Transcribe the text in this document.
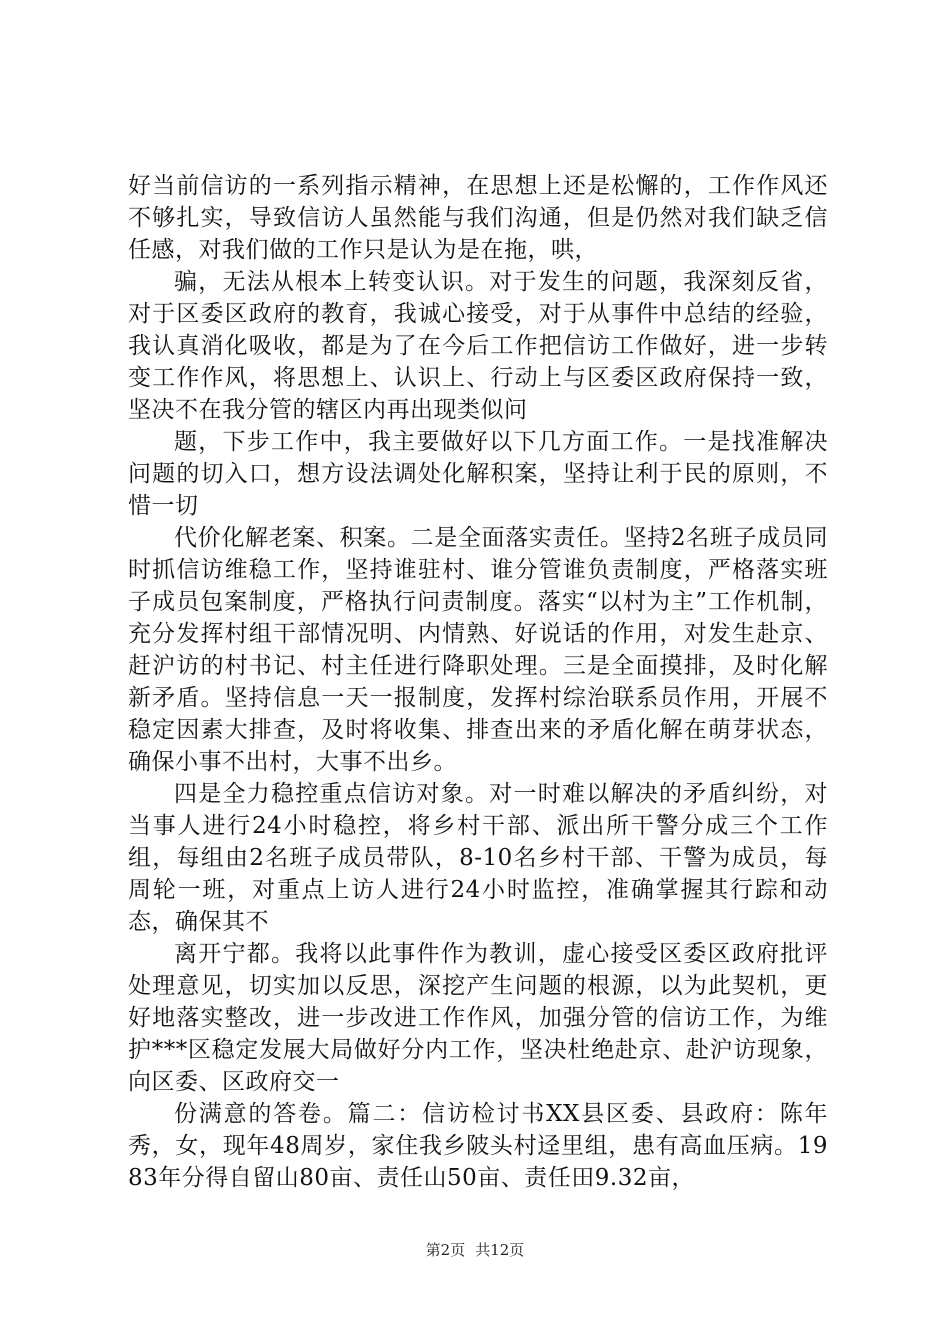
好当前信访的一系列指示精神，在思想上还是松懈的，工作作风还不够扎实，导致信访人虽然能与我们沟通，但是仍然对我们缺乏信任感，对我们做的工作只是认为是在拖，哄，

骗，无法从根本上转变认识。对于发生的问题，我深刻反省，对于区委区政府的教育，我诚心接受，对于从事件中总结的经验，我认真消化吸收，都是为了在今后工作把信访工作做好，进一步转变工作作风，将思想上、认识上、行动上与区委区政府保持一致，坚决不在我分管的辖区内再出现类似问

题，下步工作中，我主要做好以下几方面工作。一是找准解决问题的切入口，想方设法调处化解积案，坚持让利于民的原则，不惜一切

代价化解老案、积案。二是全面落实责任。坚持2名班子成员同时抓信访维稳工作，坚持谁驻村、谁分管谁负责制度，严格落实班子成员包案制度，严格执行问责制度。落实“以村为主”工作机制，充分发挥村组干部情况明、内情熟、好说话的作用，对发生赴京、赶沪访的村书记、村主任进行降职处理。三是全面摸排，及时化解新矛盾。坚持信息一天一报制度，发挥村综治联系员作用，开展不稳定因素大排查，及时将收集、排查出来的矛盾化解在萌芽状态，确保小事不出村，大事不出乡。

四是全力稳控重点信访对象。对一时难以解决的矛盾纠纷，对当事人进行24小时稳控，将乡村干部、派出所干警分成三个工作组，每组由2名班子成员带队，8-10名乡村干部、干警为成员，每周轮一班，对重点上访人进行24小时监控，准确掌握其行踪和动态，确保其不

离开宁都。我将以此事件作为教训，虚心接受区委区政府批评处理意见，切实加以反思，深挖产生问题的根源，以为此契机，更好地落实整改，进一步改进工作作风，加强分管的信访工作，为维护***区稳定发展大局做好分内工作，坚决杜绝赴京、赴沪访现象，向区委、区政府交一

份满意的答卷。篇二：信访检讨书XX县区委、县政府：陈年秀，女，现年48周岁，家住我乡陂头村迳里组，患有高血压病。1983年分得自留山80亩、责任山50亩、责任田9.32亩，

第2页 共12页
